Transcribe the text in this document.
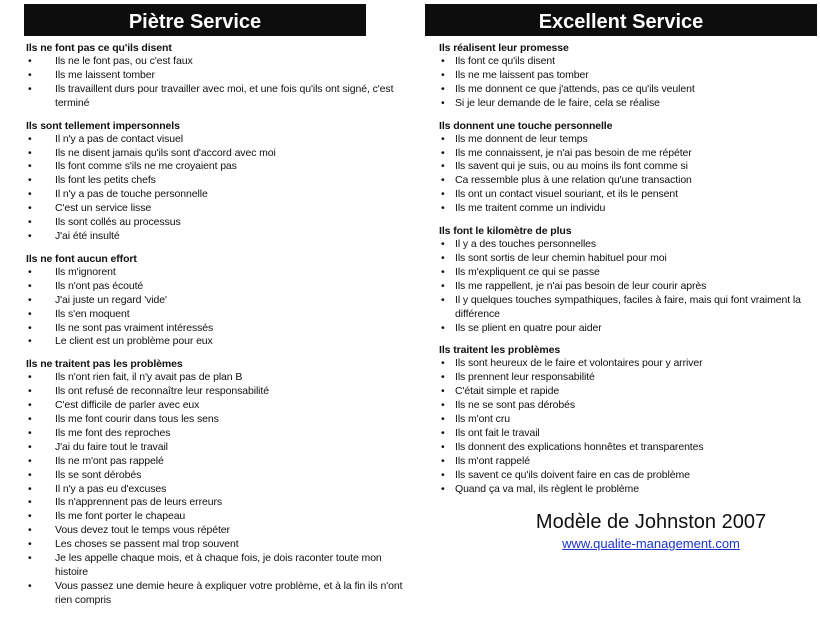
Piètre Service
Ils ne font pas ce qu'ils disent
• Ils ne le font pas, ou c'est faux
• Ils me laissent tomber
• Ils travaillent durs pour travailler avec moi, et une fois qu'ils ont signé, c'est terminé
Ils sont tellement impersonnels
• Il n'y a pas de contact visuel
• Ils ne disent jamais qu'ils sont d'accord avec moi
• Ils font comme s'ils ne me croyaient pas
• Ils font les petits chefs
• Il n'y a pas de touche personnelle
• C'est un service lisse
• Ils sont collés au processus
• J'ai été insulté
Ils ne font aucun effort
• Ils m'ignorent
• Ils n'ont pas écouté
• J'ai juste un regard 'vide'
• Ils s'en moquent
• Ils ne sont pas vraiment intéressés
• Le client est un problème pour eux
Ils ne traitent pas les problèmes
• Ils n'ont rien fait, il n'y avait pas de plan B
• Ils ont refusé de reconnaître leur responsabilité
• C'est difficile de parler avec eux
• Ils me font courir dans tous les sens
• Ils me font des reproches
• J'ai du faire tout le travail
• Ils ne m'ont pas rappelé
• Ils se sont dérobés
• Il n'y a pas eu d'excuses
• Ils n'apprennent pas de leurs erreurs
• Ils me font porter le chapeau
• Vous devez tout le temps vous répéter
• Les choses se passent mal trop souvent
• Je les appelle chaque mois, et à chaque fois, je dois raconter toute mon histoire
• Vous passez une demie heure à expliquer votre problème, et à la fin ils n'ont rien compris
Excellent Service
Ils réalisent leur promesse
• Ils font ce qu'ils disent
• Ils ne me laissent pas tomber
• Ils me donnent ce que j'attends, pas ce qu'ils veulent
• Si je leur demande de le faire, cela se réalise
Ils donnent une touche personnelle
• Ils me donnent de leur temps
• Ils me connaissent, je n'ai pas besoin de me répéter
• Ils savent qui je suis, ou au moins ils font comme si
• Ca ressemble plus à une relation qu'une transaction
• Ils ont un contact visuel souriant, et ils le pensent
• Ils me traitent comme un individu
Ils font le kilomètre de plus
• Il y a des touches personnelles
• Ils sont sortis de leur chemin habituel pour moi
• Ils m'expliquent ce qui se passe
• Ils me rappellent, je n'ai pas besoin de leur courir après
• Il y quelques touches sympathiques, faciles à faire, mais qui font vraiment la différence
• Ils se plient en quatre pour aider
Ils traitent les problèmes
• Ils sont heureux de le faire et volontaires pour y arriver
• Ils prennent leur responsabilité
• C'était simple et rapide
• Ils ne se sont pas dérobés
• Ils m'ont cru
• Ils ont fait le travail
• Ils donnent des explications honnêtes et transparentes
• Ils m'ont rappelé
• Ils savent ce qu'ils doivent faire en cas de problème
• Quand ça va mal, ils règlent le problème
Modèle de Johnston 2007
www.qualite-management.com
